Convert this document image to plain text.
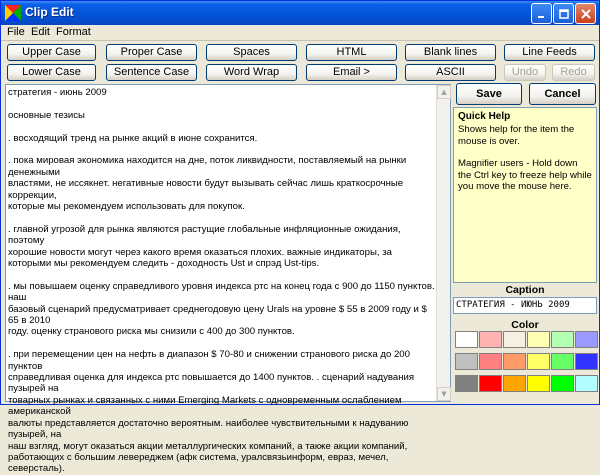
Clip Edit
File Edit Format
Upper Case	Proper Case	Spaces	HTML	Blank lines	Line Feeds
Lower Case	Sentence Case	Word Wrap	Email >	ASCII	Undo	Redo
стратегия - июнь 2009
основные тезисы
. восходящий тренд на рынке акций в июне сохранится.
. пока мировая экономика находится на дне, поток ликвидности, поставляемый на рынки денежными
властями, не иссякнет. негативные новости будут вызывать сейчас лишь краткосрочные коррекции,
которые мы рекомендуем использовать для покупок.
. главной угрозой для рынка являются растущие глобальные инфляционные ожидания, поэтому
хорошие новости могут через какого время оказаться плохих. важные индикаторы, за
которыми мы рекомендуем следить - доходность Ust и спрэд Ust-tips.
. мы повышаем оценку справедливого уровня индекса ртс на конец года с 900 до 1150 пунктов. наш
базовый сценарий предусматривает среднегодовую цену Urals на уровне $ 55 в 2009 году и $ 65 в 2010
году. оценку странового риска мы снизили с 400 до 300 пунктов.
. при перемещении цен на нефть в диапазон $ 70-80 и снижении странового риска до 200 пунктов
справедливая оценка для индекса ртс повышается до 1400 пунктов. . сценарий надувания пузырей на
товарных рынках и связанных с ними Emerging Markets с одновременным ослаблением американской
валюты представляется достаточно вероятным. наиболее чувствительными к надуванию пузырей, на
наш взгляд, могут оказаться акции металлургических компаний, а также акции компаний,
работающих с большим левереджем (афк система, уралсвязьинформ, евраз, мечел, северсталь).
▲
▼
Save	Cancel
Quick Help
Shows help for the item the mouse is over.
Magnifier users - Hold down the Ctrl key to freeze help while you move the mouse here.
Caption
СТРАТЕГИЯ - ИЮНЬ 2009
Color
